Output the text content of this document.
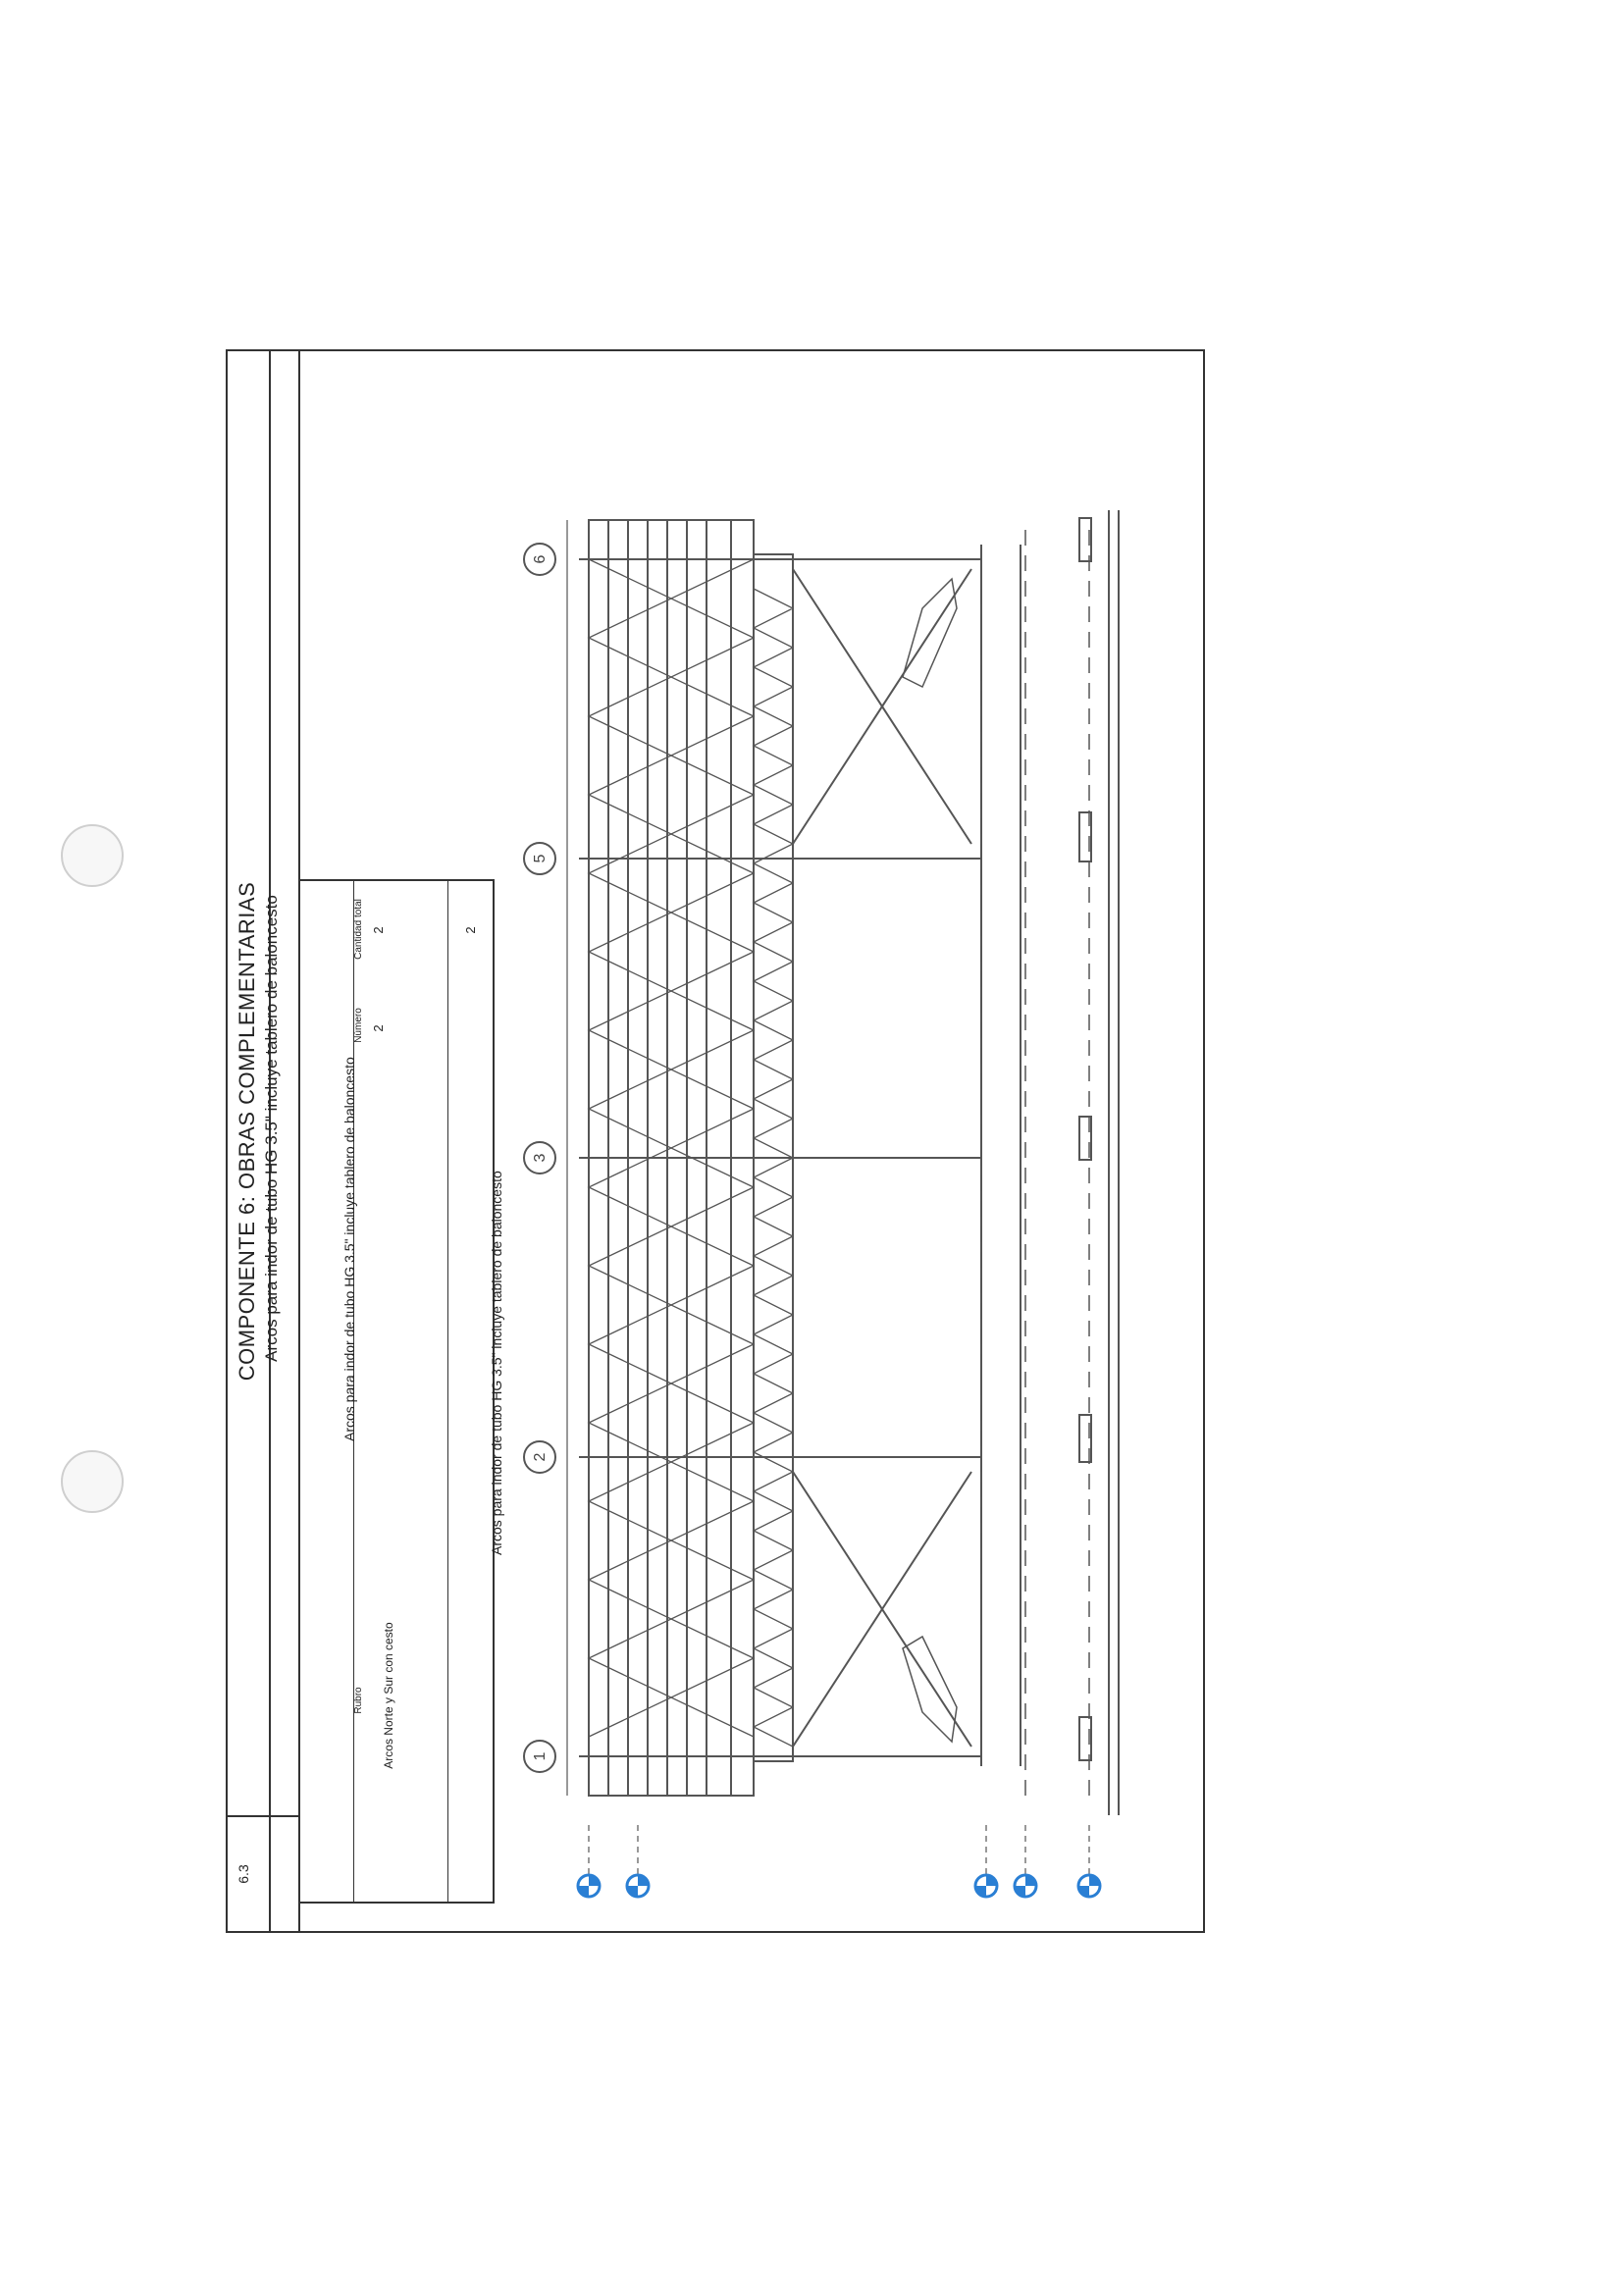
COMPONENTE 6: OBRAS COMPLEMENTARIAS Arcos para indor de tubo HG 3.5" incluye tablero de baloncesto
6.3
Arcos para indor de tubo HG 3.5" incluye tablero de baloncesto
Rubro
Número
Cantidad total
Arcos Norte y Sur con cesto
2
2
Arcos para indor de tubo HG 3.5" incluye tablero de baloncesto
2
6
5
3
2
1
